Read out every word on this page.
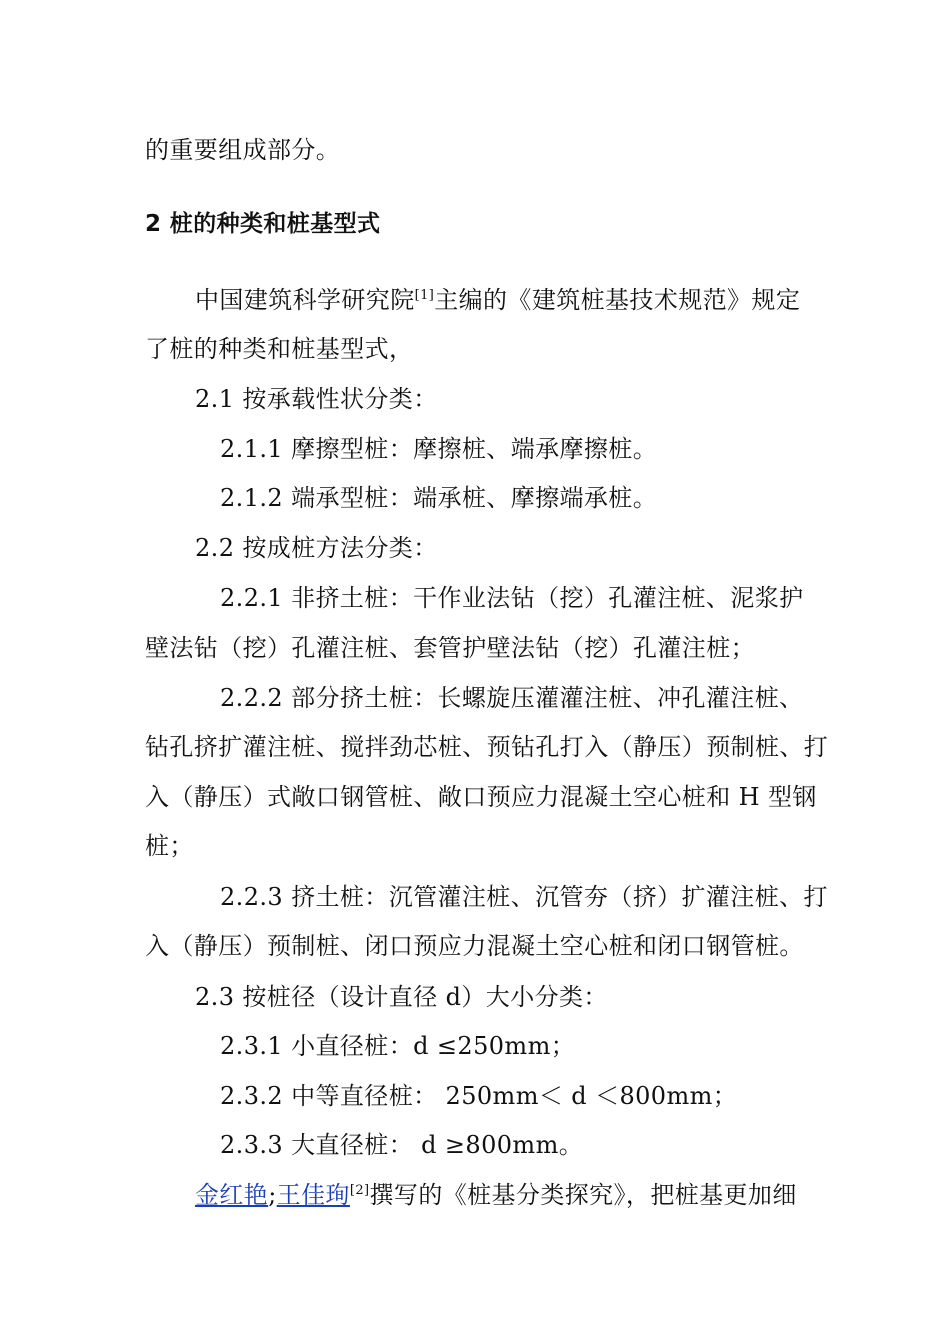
的重要组成部分。
2 桩的种类和桩基型式
中国建筑科学研究院[1]主编的《建筑桩基技术规范》规定
了桩的种类和桩基型式，
2.1 按承载性状分类：
2.1.1 摩擦型桩：摩擦桩、端承摩擦桩。
2.1.2 端承型桩：端承桩、摩擦端承桩。
2.2 按成桩方法分类：
2.2.1 非挤土桩：干作业法钻（挖）孔灌注桩、泥浆护
壁法钻（挖）孔灌注桩、套管护壁法钻（挖）孔灌注桩；
2.2.2 部分挤土桩：长螺旋压灌灌注桩、冲孔灌注桩、
钻孔挤扩灌注桩、搅拌劲芯桩、预钻孔打入（静压）预制桩、打
入（静压）式敞口钢管桩、敞口预应力混凝土空心桩和 H 型钢
桩；
2.2.3 挤土桩：沉管灌注桩、沉管夯（挤）扩灌注桩、打
入（静压）预制桩、闭口预应力混凝土空心桩和闭口钢管桩。
2.3 按桩径（设计直径 d）大小分类：
2.3.1 小直径桩：d ≤250mm；
2.3.2 中等直径桩： 250mm＜ d ＜800mm；
2.3.3 大直径桩： d ≥800mm。
金红艳;王佳珣[2]撰写的《桩基分类探究》，把桩基更加细
